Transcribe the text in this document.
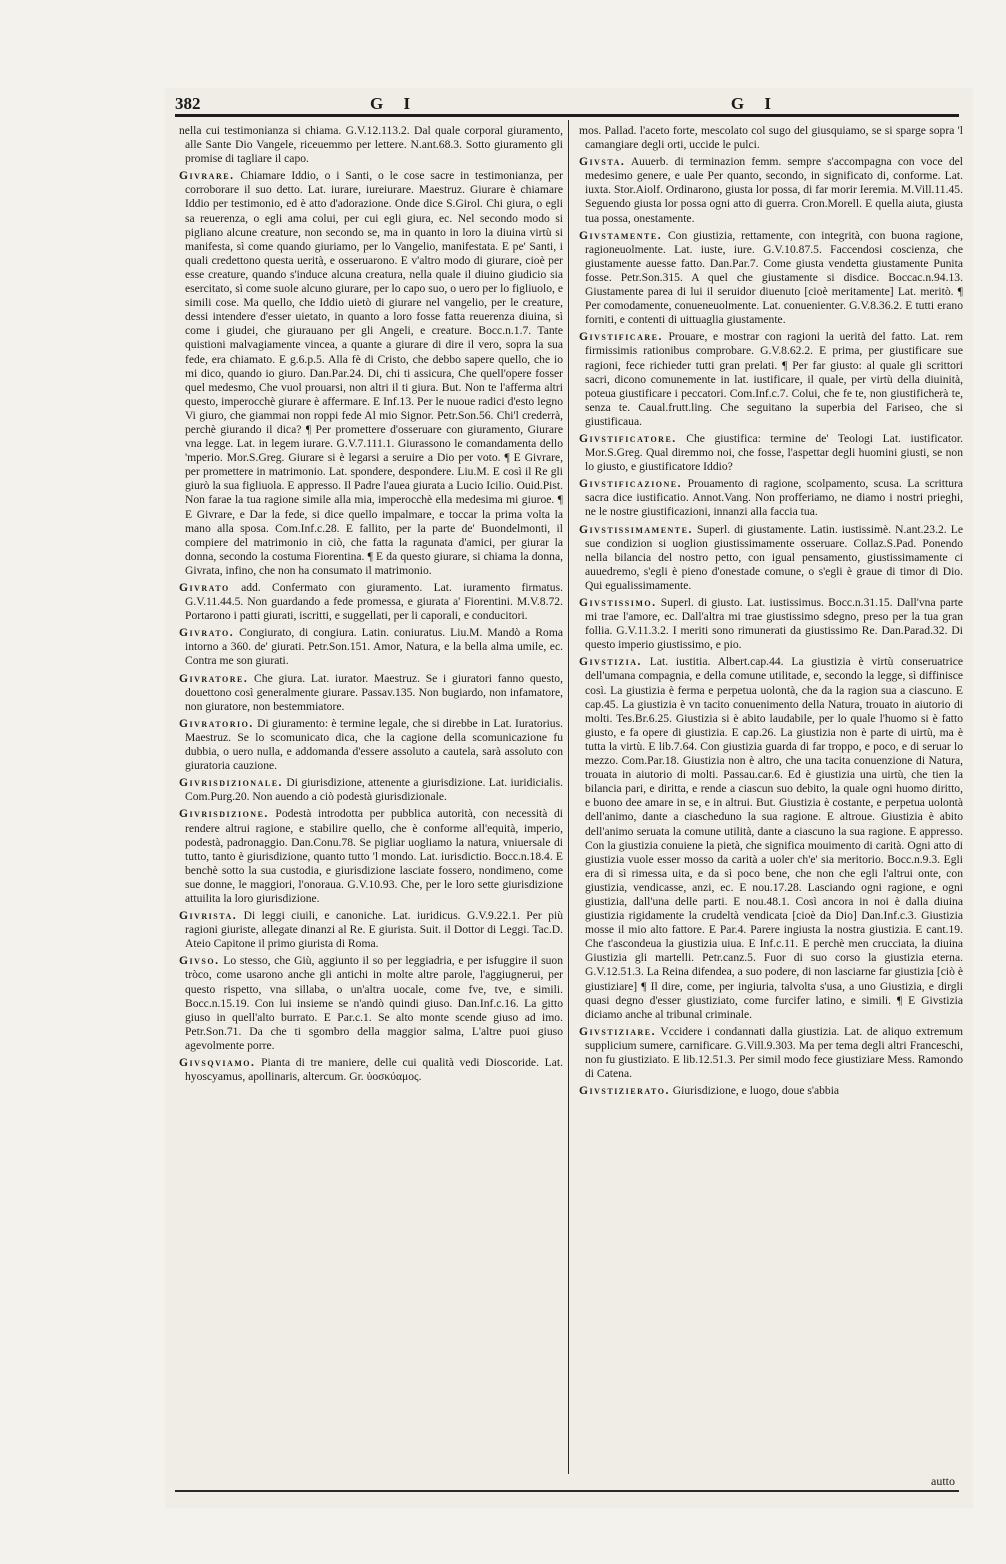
382	G I	G I

nella cui testimonianza si chiama. G.V.12.113.2. Dal quale corporal giuramento, alle Sante Dio Vangele, riceuemmo per lettere. N.ant.68.3. Sotto giuramento gli promise di tagliare il capo.

Givrare. Chiamare Iddio, o i Santi, o le cose sacre in testimonianza, per corroborare il suo detto. Lat. iurare, iureiurare. Maestruz. Giurare è chiamare Iddio per testimonio, ed è atto d'adorazione. Onde dice S.Girol. Chi giura, o egli sa reuerenza, o egli ama colui, per cui egli giura, ec. Nel secondo modo si pigliano alcune creature, non secondo se, ma in quanto in loro la diuina virtù si manifesta, sì come quando giuriamo, per lo Vangelio, manifestata. E pe' Santi, i quali credettono questa uerità, e osseruarono. E v'altro modo di giurare, cioè per esse creature, quando s'induce alcuna creatura, nella quale il diuino giudicio sia esercitato, sì come suole alcuno giurare, per lo capo suo, o uero per lo figliuolo, e simili cose. Ma quello, che Iddio uietò di giurare nel vangelio, per le creature, dessi intendere d'esser uietato, in quanto a loro fosse fatta reuerenza diuina, sì come i giudei, che giurauano per gli Angeli, e creature. Bocc.n.1.7. Tante quistioni malvagiamente vincea, a quante a giurare di dire il vero, sopra la sua fede, era chiamato. E g.6.p.5. Alla fè di Cristo, che debbo sapere quello, che io mi dico, quando io giuro. Dan.Par.24. Di, chi ti assicura, Che quell'opere fosser quel medesmo, Che vuol prouarsi, non altri il ti giura. But. Non te l'afferma altri questo, imperocchè giurare è affermare. E Inf.13. Per le nuoue radici d'esto legno Vi giuro, che giammai non roppi fede Al mio Signor. Petr.Son.56. Chi'l crederrà, perchè giurando il dica? ¶ Per promettere d'osseruare con giuramento, Giurare vna legge. Lat. in legem iurare. G.V.7.111.1. Giurassono le comandamenta dello 'mperio. Mor.S.Greg. Giurare si è legarsi a seruire a Dio per voto. ¶ E Givrare, per promettere in matrimonio. Lat. spondere, despondere. Liu.M. E così il Re gli giurò la sua figliuola. E appresso. Il Padre l'auea giurata a Lucio Icilio. Ouid.Pist. Non farae la tua ragione simile alla mia, imperocchè ella medesima mi giuroe. ¶ E Givrare, e Dar la fede, si dice quello impalmare, e toccar la prima volta la mano alla sposa. Com.Inf.c.28. E fallito, per la parte de' Buondelmonti, il compiere del matrimonio in ciò, che fatta la ragunata d'amici, per giurar la donna, secondo la costuma Fiorentina. ¶ E da questo giurare, si chiama la donna, Givrata, infino, che non ha consumato il matrimonio.

Givrato add. Confermato con giuramento. Lat. iuramento firmatus. G.V.11.44.5. Non guardando a fede promessa, e giurata a' Fiorentini. M.V.8.72. Portarono i patti giurati, iscritti, e suggellati, per li caporali, e conducitori.

Givrato. Congiurato, di congiura. Latin. coniuratus. Liu.M. Mandò a Roma intorno a 360. de' giurati. Petr.Son.151. Amor, Natura, e la bella alma umile, ec. Contra me son giurati.

Givratore. Che giura. Lat. iurator. Maestruz. Se i giuratori fanno questo, douettono così generalmente giurare. Passav.135. Non bugiardo, non infamatore, non giuratore, non bestemmiatore.

Givratorio. Di giuramento: è termine legale, che si direbbe in Lat. Iuratorius. Maestruz. Se lo scomunicato dica, che la cagione della scomunicazione fu dubbia, o uero nulla, e addomanda d'essere assoluto a cautela, sarà assoluto con giuratoria cauzione.

Givrisdizionale. Di giurisdizione, attenente a giurisdizione. Lat. iuridicialis. Com.Purg.20. Non auendo a ciò podestà giurisdizionale.

Givrisdizione. Podestà introdotta per pubblica autorità, con necessità di rendere altrui ragione, e stabilire quello, che è conforme all'equità, imperio, podestà, padronaggio. Dan.Conu.78. Se pigliar uogliamo la natura, vniuersale di tutto, tanto è giurisdizione, quanto tutto 'l mondo. Lat. iurisdictio. Bocc.n.18.4. E benchè sotto la sua custodia, e giurisdizione lasciate fossero, nondimeno, come sue donne, le maggiori, l'onoraua. G.V.10.93. Che, per le loro sette giurisdizione attuilita la loro giurisdizione.

Givrista. Di leggi ciuili, e canoniche. Lat. iuridicus. G.V.9.22.1. Per più ragioni giuriste, allegate dinanzi al Re. E giurista. Suit. il Dottor di Leggi. Tac.D. Ateio Capitone il primo giurista di Roma.

Givso. Lo stesso, che Giù, aggiunto il so per leggiadria, e per isfuggire il suon tròco, come usarono anche gli antichi in molte altre parole, l'aggiugnerui, per questo rispetto, vna sillaba, o un'altra uocale, come fve, tve, e simili. Bocc.n.15.19. Con lui insieme se n'andò quindi giuso. Dan.Inf.c.16. La gitto giuso in quell'alto burrato. E Par.c.1. Se alto monte scende giuso ad imo. Petr.Son.71. Da che ti sgombro della maggior salma, L'altre puoi giuso agevolmente porre.

Givsqviamo. Pianta di tre maniere, delle cui qualità vedi Dioscoride. Lat. hyoscyamus, apollinaris, altercum. Gr. ὑοσκύαμος.

mos. Pallad. l'aceto forte, mescolato col sugo del giusquiamo, se si sparge sopra 'l camangiare degli orti, uccide le pulci.

Givsta. Auuerb. di terminazion femm. sempre s'accompagna con voce del medesimo genere, e uale Per quanto, secondo, in significato di, conforme. Lat. iuxta. Stor.Aiolf. Ordinarono, giusta lor possa, di far morir Ieremia. M.Vill.11.45. Seguendo giusta lor possa ogni atto di guerra. Cron.Morell. E quella aiuta, giusta tua possa, onestamente.

Givstamente. Con giustizia, rettamente, con integrità, con buona ragione, ragioneuolmente. Lat. iuste, iure. G.V.10.87.5. Faccendosi coscienza, che giustamente auesse fatto. Dan.Par.7. Come giusta vendetta giustamente Punita fosse. Petr.Son.315. A quel che giustamente si disdice. Boccac.n.94.13. Giustamente parea di lui il seruidor diuenuto [cioè meritamente] Lat. meritò. ¶ Per comodamente, conueneuolmente. Lat. conuenienter. G.V.8.36.2. E tutti erano forniti, e contenti di uittuaglia giustamente.

Givstificare. Prouare, e mostrar con ragioni la uerità del fatto. Lat. rem firmissimis rationibus comprobare. G.V.8.62.2. E prima, per giustificare sue ragioni, fece richieder tutti gran prelati. ¶ Per far giusto: al quale gli scrittori sacri, dicono comunemente in lat. iustificare, il quale, per virtù della diuinità, poteua giustificare i peccatori. Com.Inf.c.7. Colui, che fe te, non giustificherà te, senza te. Caual.frutt.ling. Che seguitano la superbia del Fariseo, che si giustificaua.

Givstificatore. Che giustifica: termine de' Teologi Lat. iustificator. Mor.S.Greg. Qual diremmo noi, che fosse, l'aspettar degli huomini giusti, se non lo giusto, e giustificatore Iddio?

Givstificazione. Prouamento di ragione, scolpamento, scusa. La scrittura sacra dice iustificatio. Annot.Vang. Non profferiamo, ne diamo i nostri prieghi, ne le nostre giustificazioni, innanzi alla faccia tua.

Givstissimamente. Superl. di giustamente. Latin. iustissimè. N.ant.23.2. Le sue condizion si uoglion giustissimamente osseruare. Collaz.S.Pad. Ponendo nella bilancia del nostro petto, con igual pensamento, giustissimamente ci auuedremo, s'egli è pieno d'onestade comune, o s'egli è graue di timor di Dio. Qui egualissimamente.

Givstissimo. Superl. di giusto. Lat. iustissimus. Bocc.n.31.15. Dall'vna parte mi trae l'amore, ec. Dall'altra mi trae giustissimo sdegno, preso per la tua gran follia. G.V.11.3.2. I meriti sono rimunerati da giustissimo Re. Dan.Parad.32. Di questo imperio giustissimo, e pio.

Givstizia. Lat. iustitia. Albert.cap.44. La giustizia è virtù conseruatrice dell'umana compagnia, e della comune utilitade, e, secondo la legge, sì diffinisce così. La giustizia è ferma e perpetua uolontà, che da la ragion sua a ciascuno. E cap.45. La giustizia è vn tacito conuenimento della Natura, trouato in aiutorio di molti. Tes.Br.6.25. Giustizia si è abito laudabile, per lo quale l'huomo si è fatto giusto, e fa opere di giustizia. E cap.26. La giustizia non è parte di uirtù, ma è tutta la virtù. E lib.7.64. Con giustizia guarda di far troppo, e poco, e di seruar lo mezzo. Com.Par.18. Giustizia non è altro, che una tacita conuenzione di Natura, trouata in aiutorio di molti. Passau.car.6. Ed è giustizia una uirtù, che tien la bilancia pari, e diritta, e rende a ciascun suo debito, la quale ogni huomo diritto, e buono dee amare in se, e in altrui. But. Giustizia è costante, e perpetua uolontà dell'animo, dante a ciascheduno la sua ragione. E altroue. Giustizia è abito dell'animo seruata la comune utilità, dante a ciascuno la sua ragione. E appresso. Con la giustizia conuiene la pietà, che significa mouimento di carità. Ogni atto di giustizia vuole esser mosso da carità a uoler ch'e' sia meritorio. Bocc.n.9.3. Egli era di sì rimessa uita, e da sì poco bene, che non che egli l'altrui onte, con giustizia, vendicasse, anzi, ec. E nou.17.28. Lasciando ogni ragione, e ogni giustizia, dall'una delle parti. E nou.48.1. Così ancora in noi è dalla diuina giustizia rigidamente la crudeltà vendicata [cioè da Dio] Dan.Inf.c.3. Giustizia mosse il mio alto fattore. E Par.4. Parere ingiusta la nostra giustizia. E cant.19. Che t'ascondeua la giustizia uiua. E Inf.c.11. E perchè men crucciata, la diuina Giustizia gli martelli. Petr.canz.5. Fuor di suo corso la giustizia eterna. G.V.12.51.3. La Reina difendea, a suo podere, di non lasciarne far giustizia [ciò è giustiziare] ¶ Il dire, come, per ingiuria, talvolta s'usa, a uno Giustizia, e dirgli quasi degno d'esser giustiziato, come furcifer latino, e simili. ¶ E Givstizia diciamo anche al tribunal criminale.

Givstiziare. Vccidere i condannati dalla giustizia. Lat. de aliquo extremum supplicium sumere, carnificare. G.Vill.9.303. Ma per tema degli altri Franceschi, non fu giustiziato. E lib.12.51.3. Per simil modo fece giustiziare Mess. Ramondo di Catena.

Givstizierato. Giurisdizione, e luogo, doue s'abbia

autto
